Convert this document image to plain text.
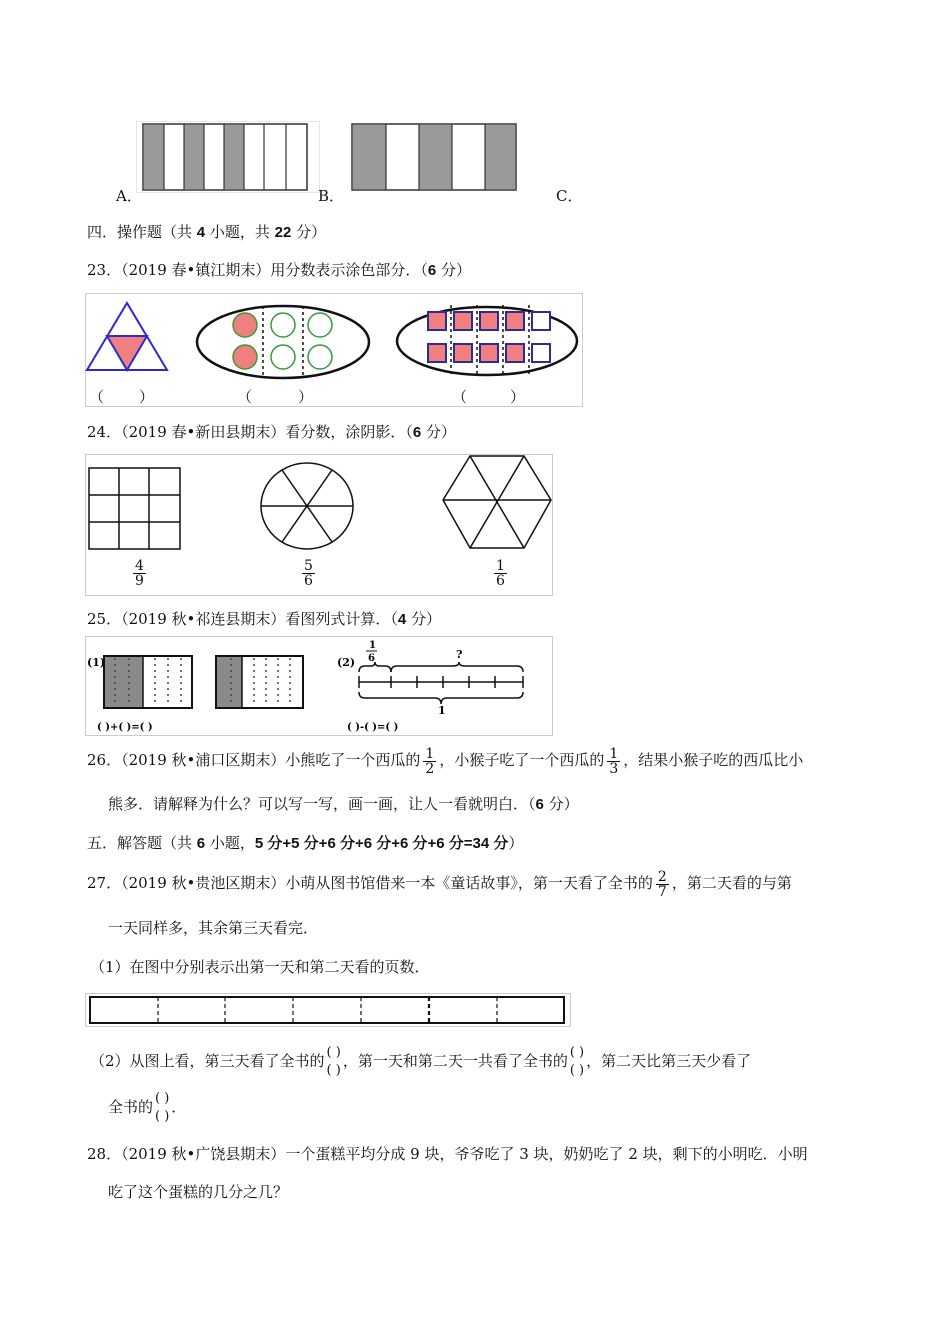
A．	B．	C．
四．操作题（共 4 小题，共 22 分）
23．（2019 春•镇江期末）用分数表示涂色部分．（6 分）
（ ）	（	）	（	）
24．（2019 春•新田县期末）看分数，涂阴影．（6 分）
$\frac{4}{9}$	$\frac{5}{6}$	$\frac{1}{6}$
25．（2019 秋•祁连县期末）看图列式计算．（4 分）
(1)	(2)
1
6	?
1
( )+( )=( )	( )-( )=( )
26．（2019 秋•浦口区期末）小熊吃了一个西瓜的 $\frac{1}{2}$ ，小猴子吃了一个西瓜的 $\frac{1}{3}$ ，结果小猴子吃的西瓜比小
熊多．请解释为什么？可以写一写，画一画，让人一看就明白．（6 分）
五．解答题（共 6 小题，5 分+5 分+6 分+6 分+6 分+6 分=34 分）
27．（2019 秋•贵池区期末）小萌从图书馆借来一本《童话故事》，第一天看了全书的 $\frac{2}{7}$ ，第二天看的与第
一天同样多，其余第三天看完．
（1）在图中分别表示出第一天和第二天看的页数．
（2）从图上看，第三天看了全书的 ( )
( )
，第一天和第二天一共看了全书的 ( )
( )
，第二天比第三天少看了
全书的 ( )
( )
．
28．（2019 秋•广饶县期末）一个蛋糕平均分成 9 块，爷爷吃了 3 块，奶奶吃了 2 块，剩下的小明吃．小明
吃了这个蛋糕的几分之几？
